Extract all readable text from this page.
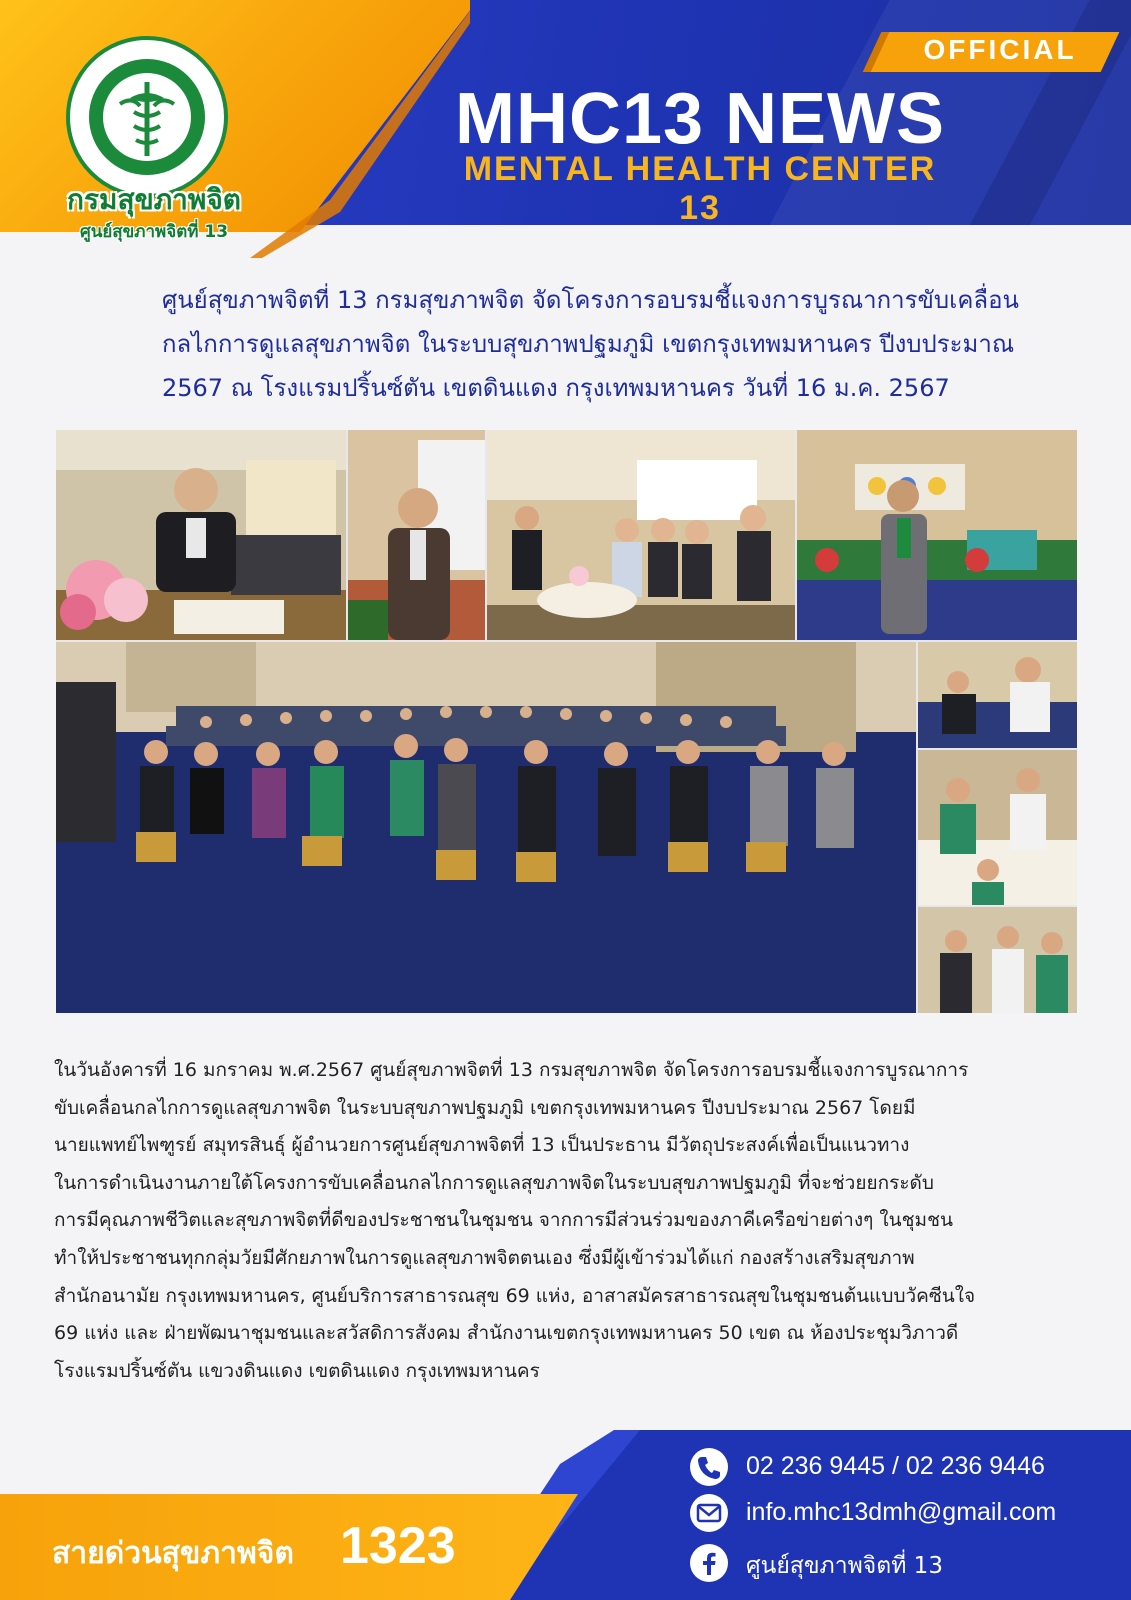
กรมสุขภาพจิต
ศูนย์สุขภาพจิตที่ 13
OFFICIAL
MHC13 NEWS
MENTAL HEALTH CENTER 13
ศูนย์สุขภาพจิตที่ 13 กรมสุขภาพจิต จัดโครงการอบรมชี้แจงการบูรณาการขับเคลื่อน
กลไกการดูแลสุขภาพจิต ในระบบสุขภาพปฐมภูมิ เขตกรุงเทพมหานคร ปีงบประมาณ
2567 ณ โรงแรมปริ้นซ์ตัน เขตดินแดง กรุงเทพมหานคร วันที่ 16 ม.ค. 2567
ในวันอังคารที่ 16 มกราคม พ.ศ.2567 ศูนย์สุขภาพจิตที่ 13 กรมสุขภาพจิต จัดโครงการอบรมชี้แจงการบูรณาการ
ขับเคลื่อนกลไกการดูแลสุขภาพจิต ในระบบสุขภาพปฐมภูมิ เขตกรุงเทพมหานคร ปีงบประมาณ 2567 โดยมี
นายแพทย์ไพฑูรย์ สมุทรสินธุ์ ผู้อำนวยการศูนย์สุขภาพจิตที่ 13 เป็นประธาน มีวัตถุประสงค์เพื่อเป็นแนวทาง
ในการดำเนินงานภายใต้โครงการขับเคลื่อนกลไกการดูแลสุขภาพจิตในระบบสุขภาพปฐมภูมิ ที่จะช่วยยกระดับ
การมีคุณภาพชีวิตและสุขภาพจิตที่ดีของประชาชนในชุมชน จากการมีส่วนร่วมของภาคีเครือข่ายต่างๆ ในชุมชน
ทำให้ประชาชนทุกกลุ่มวัยมีศักยภาพในการดูแลสุขภาพจิตตนเอง ซึ่งมีผู้เข้าร่วมได้แก่ กองสร้างเสริมสุขภาพ
สำนักอนามัย กรุงเทพมหานคร, ศูนย์บริการสาธารณสุข 69 แห่ง, อาสาสมัครสาธารณสุขในชุมชนต้นแบบวัคซีนใจ
69 แห่ง และ ฝ่ายพัฒนาชุมชนและสวัสดิการสังคม สำนักงานเขตกรุงเทพมหานคร 50 เขต ณ ห้องประชุมวิภาวดี
โรงแรมปริ้นซ์ตัน แขวงดินแดง เขตดินแดง กรุงเทพมหานคร
สายด่วนสุขภาพจิต 1323
02 236 9445 / 02 236 9446
info.mhc13dmh@gmail.com
ศูนย์สุขภาพจิตที่ 13
